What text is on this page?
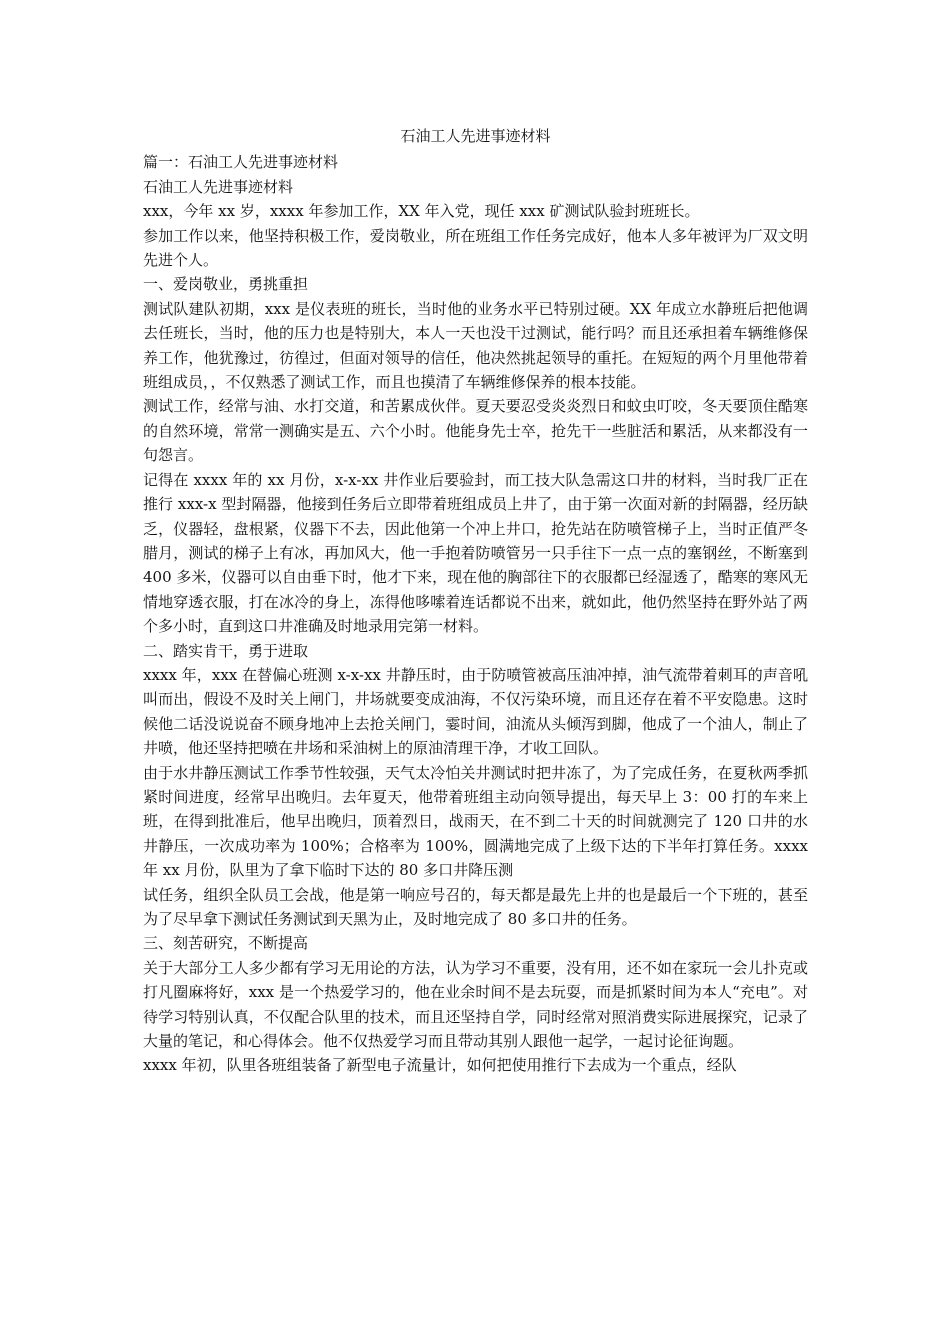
石油工人先进事迹材料

篇一：石油工人先进事迹材料

石油工人先进事迹材料

xxx，今年 xx 岁，xxxx 年参加工作，XX 年入党，现任 xxx 矿测试队验封班班长。

参加工作以来，他坚持积极工作，爱岗敬业，所在班组工作任务完成好，他本人多年被评为厂双文明先进个人。

一、爱岗敬业，勇挑重担

测试队建队初期，xxx 是仪表班的班长，当时他的业务水平已特别过硬。XX 年成立水静班后把他调去任班长，当时，他的压力也是特别大，本人一天也没干过测试，能行吗？而且还承担着车辆维修保养工作，他犹豫过，彷徨过，但面对领导的信任，他决然挑起领导的重托。在短短的两个月里他带着班组成员，，不仅熟悉了测试工作，而且也摸清了车辆维修保养的根本技能。

测试工作，经常与油、水打交道，和苦累成伙伴。夏天要忍受炎炎烈日和蚊虫叮咬，冬天要顶住酷寒的自然环境，常常一测确实是五、六个小时。他能身先士卒，抢先干一些脏活和累活，从来都没有一句怨言。

记得在 xxxx 年的 xx 月份，x-x-xx 井作业后要验封，而工技大队急需这口井的材料，当时我厂正在推行 xxx-x 型封隔器，他接到任务后立即带着班组成员上井了，由于第一次面对新的封隔器，经历缺乏，仪器轻，盘根紧，仪器下不去，因此他第一个冲上井口，抢先站在防喷管梯子上，当时正值严冬腊月，测试的梯子上有冰，再加风大，他一手抱着防喷管另一只手往下一点一点的塞钢丝，不断塞到 400 多米，仪器可以自由垂下时，他才下来，现在他的胸部往下的衣服都已经湿透了，酷寒的寒风无情地穿透衣服，打在冰冷的身上，冻得他哆嗦着连话都说不出来，就如此，他仍然坚持在野外站了两个多小时，直到这口井准确及时地录用完第一材料。

二、踏实肯干，勇于进取

xxxx 年，xxx 在替偏心班测 x-x-xx 井静压时，由于防喷管被高压油冲掉，油气流带着刺耳的声音吼叫而出，假设不及时关上闸门，井场就要变成油海，不仅污染环境，而且还存在着不平安隐患。这时候他二话没说说奋不顾身地冲上去抢关闸门，霎时间，油流从头倾泻到脚，他成了一个油人，制止了井喷，他还坚持把喷在井场和采油树上的原油清理干净，才收工回队。

由于水井静压测试工作季节性较强，天气太冷怕关井测试时把井冻了，为了完成任务，在夏秋两季抓紧时间进度，经常早出晚归。去年夏天，他带着班组主动向领导提出，每天早上 3：00 打的车来上班，在得到批准后，他早出晚归，顶着烈日，战雨天，在不到二十天的时间就测完了 120 口井的水井静压，一次成功率为 100%；合格率为 100%，圆满地完成了上级下达的下半年打算任务。xxxx 年 xx 月份，队里为了拿下临时下达的 80 多口井降压测

试任务，组织全队员工会战，他是第一响应号召的，每天都是最先上井的也是最后一个下班的，甚至为了尽早拿下测试任务测试到天黑为止，及时地完成了 80 多口井的任务。

三、刻苦研究，不断提高

关于大部分工人多少都有学习无用论的方法，认为学习不重要，没有用，还不如在家玩一会儿扑克或打凡圈麻将好，xxx 是一个热爱学习的，他在业余时间不是去玩耍，而是抓紧时间为本人“充电”。对待学习特别认真，不仅配合队里的技术，而且还坚持自学，同时经常对照消费实际进展探究，记录了大量的笔记，和心得体会。他不仅热爱学习而且带动其别人跟他一起学，一起讨论征询题。

xxxx 年初，队里各班组装备了新型电子流量计，如何把使用推行下去成为一个重点，经队
